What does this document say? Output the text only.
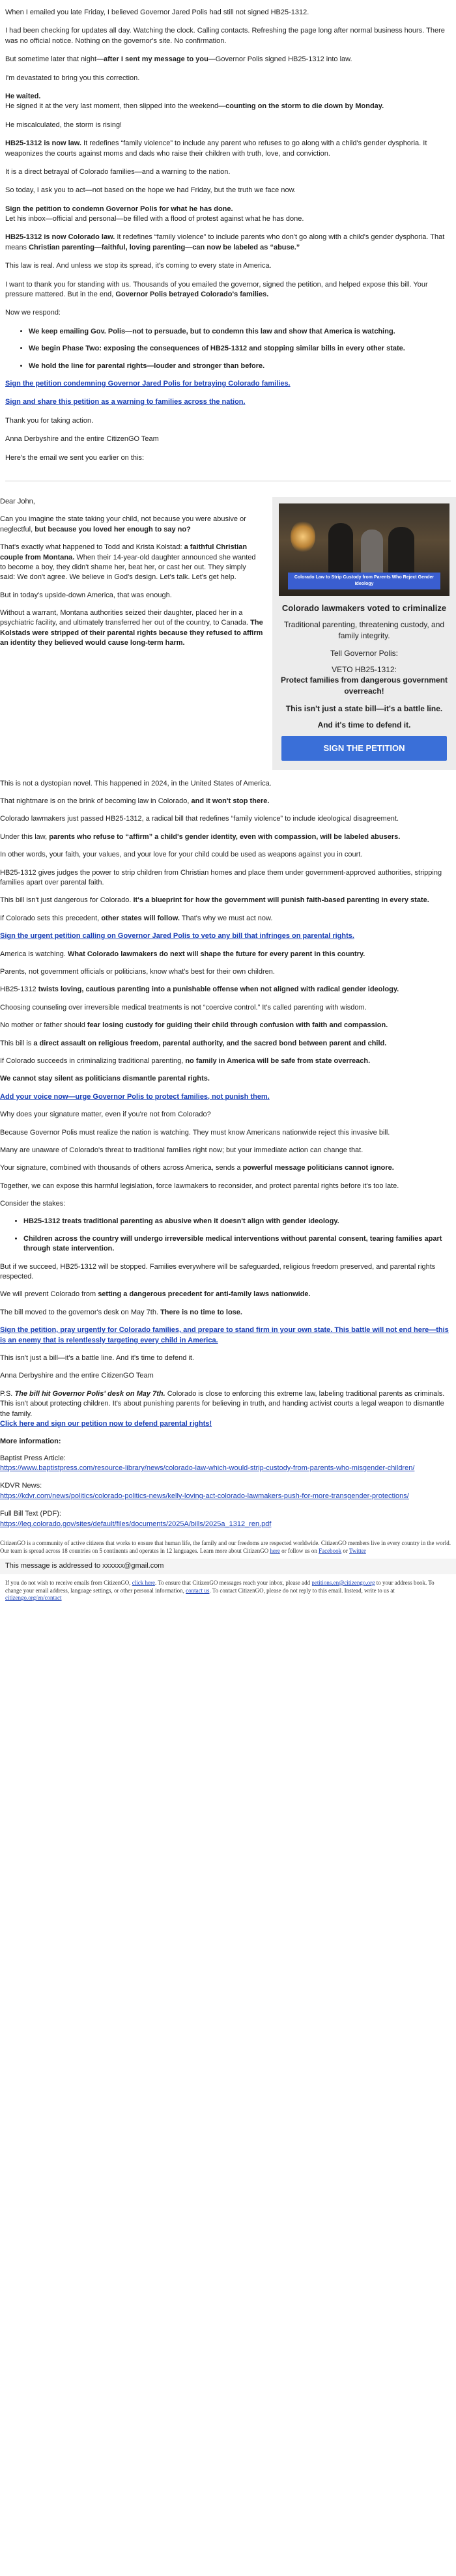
When I emailed you late Friday, I believed Governor Jared Polis had still not signed HB25-1312.

I had been checking for updates all day. Watching the clock. Calling contacts. Refreshing the page long after normal business hours. There was no official notice. Nothing on the governor's site. No confirmation.

But sometime later that night—after I sent my message to you—Governor Polis signed HB25-1312 into law.

I'm devastated to bring you this correction.

He waited.
He signed it at the very last moment, then slipped into the weekend—counting on the storm to die down by Monday.

He miscalculated, the storm is rising!

HB25-1312 is now law. It redefines “family violence” to include any parent who refuses to go along with a child's gender dysphoria. It weaponizes the courts against moms and dads who raise their children with truth, love, and conviction.

It is a direct betrayal of Colorado families—and a warning to the nation.

So today, I ask you to act—not based on the hope we had Friday, but the truth we face now.

Sign the petition to condemn Governor Polis for what he has done.
Let his inbox—official and personal—be filled with a flood of protest against what he has done.

HB25-1312 is now Colorado law. It redefines “family violence” to include parents who don't go along with a child's gender dysphoria. That means Christian parenting—faithful, loving parenting—can now be labeled as “abuse.”

This law is real. And unless we stop its spread, it's coming to every state in America.

I want to thank you for standing with us. Thousands of you emailed the governor, signed the petition, and helped expose this bill. Your pressure mattered. But in the end, Governor Polis betrayed Colorado's families.

Now we respond:

• We keep emailing Gov. Polis—not to persuade, but to condemn this law and show that America is watching.
• We begin Phase Two: exposing the consequences of HB25-1312 and stopping similar bills in every other state.
• We hold the line for parental rights—louder and stronger than before.

Sign the petition condemning Governor Jared Polis for betraying Colorado families.

Sign and share this petition as a warning to families across the nation.

Thank you for taking action.

Anna Derbyshire and the entire CitizenGO Team

Here's the email we sent you earlier on this:

Colorado Law to Strip Custody from Parents Who Reject Gender Ideology
Colorado lawmakers voted to criminalize

Traditional parenting, threatening custody, and family integrity.

Tell Governor Polis:

VETO HB25-1312:
Protect families from dangerous government overreach!

This isn't just a state bill—it's a battle line.

And it's time to defend it.

SIGN THE PETITION

Dear John,

Can you imagine the state taking your child, not because you were abusive or neglectful, but because you loved her enough to say no?

That's exactly what happened to Todd and Krista Kolstad: a faithful Christian couple from Montana. When their 14-year-old daughter announced she wanted to become a boy, they didn't shame her, beat her, or cast her out. They simply said: We don't agree. We believe in God's design. Let's talk. Let's get help.

But in today's upside-down America, that was enough.

Without a warrant, Montana authorities seized their daughter, placed her in a psychiatric facility, and ultimately transferred her out of the country, to Canada. The Kolstads were stripped of their parental rights because they refused to affirm an identity they believed would cause long-term harm.

This is not a dystopian novel. This happened in 2024, in the United States of America.

That nightmare is on the brink of becoming law in Colorado, and it won't stop there.

Colorado lawmakers just passed HB25-1312, a radical bill that redefines “family violence” to include ideological disagreement.

Under this law, parents who refuse to “affirm” a child's gender identity, even with compassion, will be labeled abusers.

In other words, your faith, your values, and your love for your child could be used as weapons against you in court.

HB25-1312 gives judges the power to strip children from Christian homes and place them under government-approved authorities, stripping families apart over parental faith.

This bill isn't just dangerous for Colorado. It's a blueprint for how the government will punish faith-based parenting in every state.

If Colorado sets this precedent, other states will follow. That's why we must act now.

Sign the urgent petition calling on Governor Jared Polis to veto any bill that infringes on parental rights.

America is watching. What Colorado lawmakers do next will shape the future for every parent in this country.

Parents, not government officials or politicians, know what's best for their own children.

HB25-1312 twists loving, cautious parenting into a punishable offense when not aligned with radical gender ideology.

Choosing counseling over irreversible medical treatments is not “coercive control.” It's called parenting with wisdom.

No mother or father should fear losing custody for guiding their child through confusion with faith and compassion.

This bill is a direct assault on religious freedom, parental authority, and the sacred bond between parent and child.

If Colorado succeeds in criminalizing traditional parenting, no family in America will be safe from state overreach.

We cannot stay silent as politicians dismantle parental rights.

Add your voice now—urge Governor Polis to protect families, not punish them.

Why does your signature matter, even if you're not from Colorado?

Because Governor Polis must realize the nation is watching. They must know Americans nationwide reject this invasive bill.

Many are unaware of Colorado's threat to traditional families right now; but your immediate action can change that.

Your signature, combined with thousands of others across America, sends a powerful message politicians cannot ignore.

Together, we can expose this harmful legislation, force lawmakers to reconsider, and protect parental rights before it's too late.

Consider the stakes:

• HB25-1312 treats traditional parenting as abusive when it doesn't align with gender ideology.
• Children across the country will undergo irreversible medical interventions without parental consent, tearing families apart through state intervention.

But if we succeed, HB25-1312 will be stopped. Families everywhere will be safeguarded, religious freedom preserved, and parental rights respected.

We will prevent Colorado from setting a dangerous precedent for anti-family laws nationwide.

The bill moved to the governor's desk on May 7th. There is no time to lose.

Sign the petition, pray urgently for Colorado families, and prepare to stand firm in your own state. This battle will not end here—this is an enemy that is relentlessly targeting every child in America.

This isn't just a bill—it's a battle line. And it's time to defend it.

Anna Derbyshire and the entire CitizenGO Team

P.S. The bill hit Governor Polis' desk on May 7th. Colorado is close to enforcing this extreme law, labeling traditional parents as criminals. This isn't about protecting children. It's about punishing parents for believing in truth, and handing activist courts a legal weapon to dismantle the family.
Click here and sign our petition now to defend parental rights!

More information:

Baptist Press Article:
https://www.baptistpress.com/resource-library/news/colorado-law-which-would-strip-custody-from-parents-who-misgender-children/

KDVR News:
https://kdvr.com/news/politics/colorado-politics-news/kelly-loving-act-colorado-lawmakers-push-for-more-transgender-protections/

Full Bill Text (PDF):
https://leg.colorado.gov/sites/default/files/documents/2025A/bills/2025a_1312_ren.pdf

CitizenGO is a community of active citizens that works to ensure that human life, the family and our freedoms are respected worldwide. CitizenGO members live in every country in the world. Our team is spread across 18 countries on 5 continents and operates in 12 languages. Learn more about CitizenGO here or follow us on Facebook or Twitter
This message is addressed to xxxxxx@gmail.com
If you do not wish to receive emails from CitizenGO, click here. To ensure that CitizenGO messages reach your inbox, please add petitions.en@citizengo.org to your address book. To change your email address, language settings, or other personal information, contact us. To contact CitizenGO, please do not reply to this email. Instead, write to us at citizengo.org/en/contact
